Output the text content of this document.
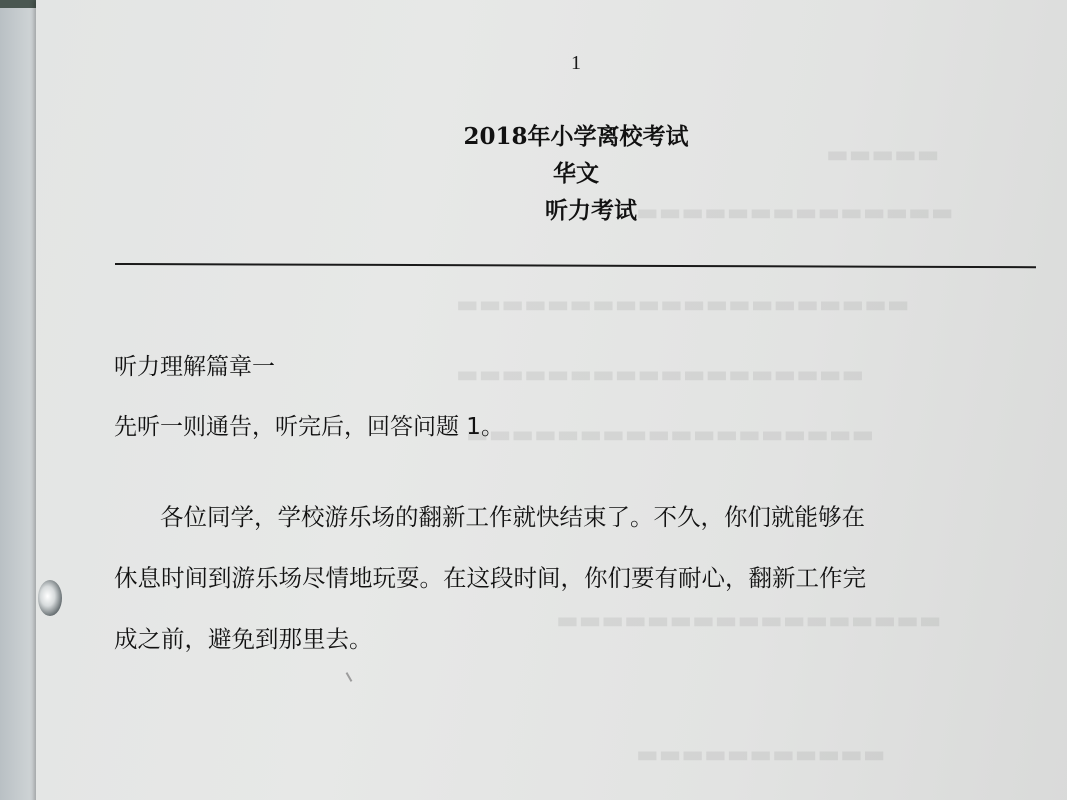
▬▬▬▬▬
▬▬▬▬▬▬▬▬▬▬▬▬▬▬
▬▬▬▬▬▬▬▬▬▬▬▬▬▬▬▬▬▬▬▬
▬▬▬▬▬▬▬▬▬▬▬▬▬▬▬▬▬▬
▬▬▬▬▬▬▬▬▬▬▬▬▬▬▬▬▬▬
▬▬▬▬▬▬▬▬▬▬▬▬▬▬▬▬▬
▬▬▬▬▬▬▬▬▬▬▬
1
2018年小学离校考试
华文
听力考试
听力理解篇章一
先听一则通告，听完后，回答问题 1。
各位同学，学校游乐场的翻新工作就快结束了。不久，你们就能够在
休息时间到游乐场尽情地玩耍。在这段时间，你们要有耐心，翻新工作完
成之前，避免到那里去。
